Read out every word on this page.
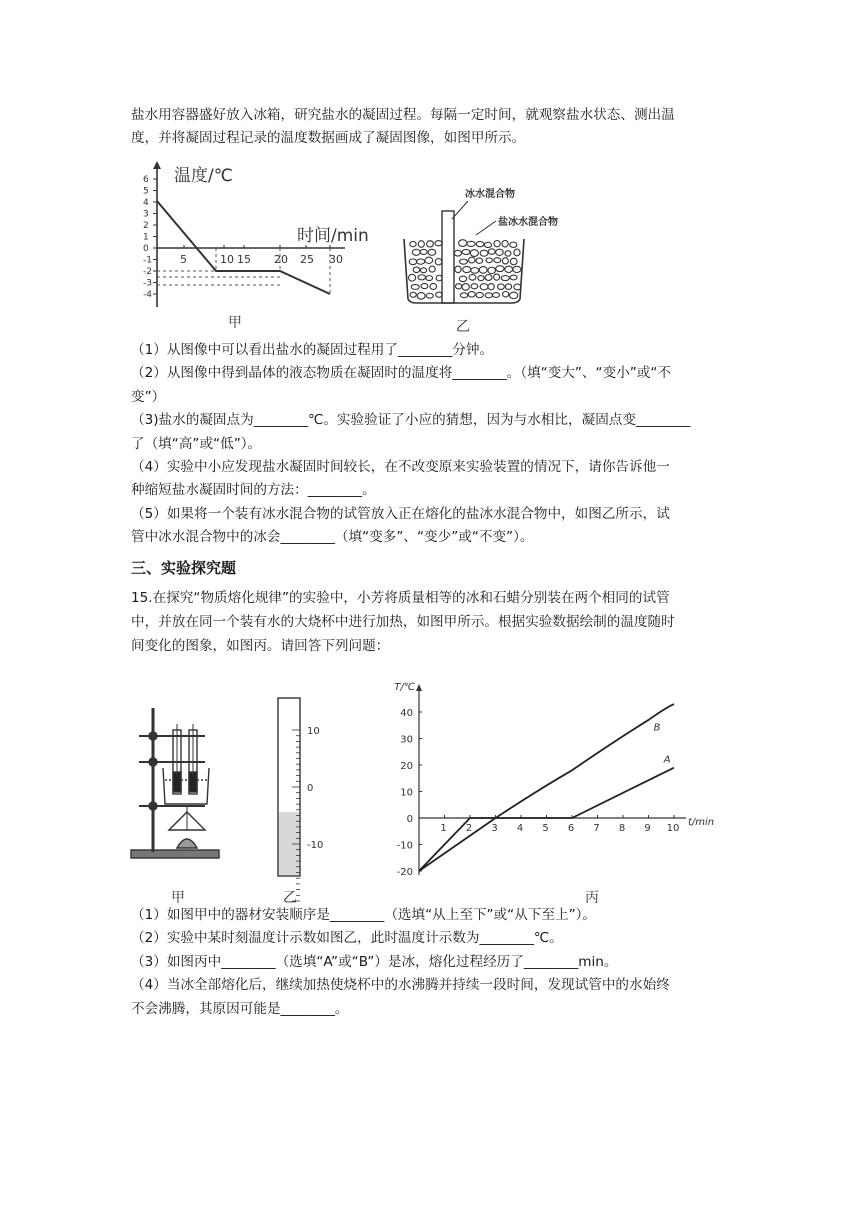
盐水用容器盛好放入冰箱，研究盐水的凝固过程。每隔一定时间，就观察盐水状态、测出温
度，并将凝固过程记录的温度数据画成了凝固图像，如图甲所示。
6
5
4
3
2
1
0
-1
-2
-3
-4
5	10 15 20 25 30
温度/℃
时间/min
甲
冰水混合物
盐冰水混合物
乙
（1）从图像中可以看出盐水的凝固过程用了________分钟。
（2）从图像中得到晶体的液态物质在凝固时的温度将________。（填“变大”、“变小”或“不
变”）
（3)盐水的凝固点为________℃。实验验证了小应的猜想，因为与水相比，凝固点变________
了（填“高”或“低”）。
（4）实验中小应发现盐水凝固时间较长，在不改变原来实验装置的情况下，请你告诉他一
种缩短盐水凝固时间的方法：________。
（5）如果将一个装有冰水混合物的试管放入正在熔化的盐冰水混合物中，如图乙所示，试
管中冰水混合物中的冰会________（填“变多”、“变少”或“不变”）。
三、实验探究题
15.在探究“物质熔化规律”的实验中，小芳将质量相等的冰和石蜡分别装在两个相同的试管
中，并放在同一个装有水的大烧杯中进行加热，如图甲所示。根据实验数据绘制的温度随时
间变化的图象，如图丙。请回答下列问题：
甲
10
0
-10
乙
T/℃
t/min
40
30
20
10
0
-10
-20
1 2 3 4 5 6 7 8 9 10
A
B
丙
（1）如图甲中的器材安装顺序是________（选填“从上至下”或“从下至上”）。
（2）实验中某时刻温度计示数如图乙，此时温度计示数为________℃。
（3）如图丙中________（选填“A”或“B”）是冰，熔化过程经历了________min。
（4）当冰全部熔化后，继续加热使烧杯中的水沸腾并持续一段时间，发现试管中的水始终
不会沸腾，其原因可能是________。
